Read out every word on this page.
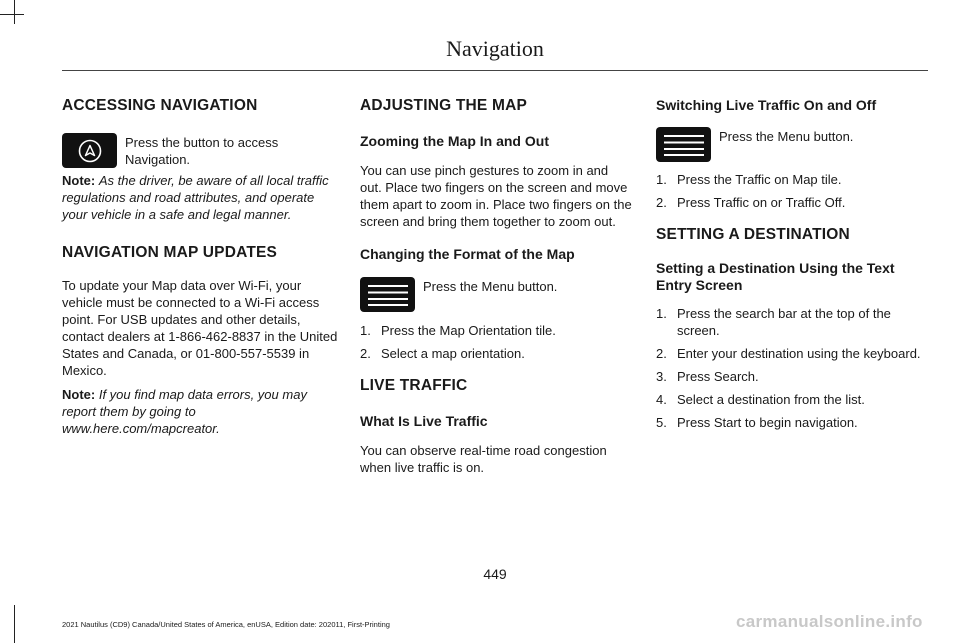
Navigation
ACCESSING NAVIGATION
Press the button to access Navigation.

Note: As the driver, be aware of all local traffic regulations and road attributes, and operate your vehicle in a safe and legal manner.

NAVIGATION MAP UPDATES

To update your Map data over Wi-Fi, your vehicle must be connected to a Wi-Fi access point. For USB updates and other details, contact dealers at 1-866-462-8837 in the United States and Canada, or 01-800-557-5539 in Mexico.

Note: If you find map data errors, you may report them by going to www.here.com/mapcreator.

ADJUSTING THE MAP
Zooming the Map In and Out

You can use pinch gestures to zoom in and out. Place two fingers on the screen and move them apart to zoom in. Place two fingers on the screen and bring them together to zoom out.

Changing the Format of the Map
Press the Menu button.
1. Press the Map Orientation tile.
2. Select a map orientation.
LIVE TRAFFIC
What Is Live Traffic

You can observe real-time road congestion when live traffic is on.

Switching Live Traffic On and Off
Press the Menu button.
1. Press the Traffic on Map tile.
2. Press Traffic on or Traffic Off.
SETTING A DESTINATION
Setting a Destination Using the Text Entry Screen
1. Press the search bar at the top of the screen.
2. Enter your destination using the keyboard.
3. Press Search.
4. Select a destination from the list.
5. Press Start to begin navigation.
449
2021 Nautilus (CD9) Canada/United States of America, enUSA, Edition date: 202011, First-Printing	carmanualsonline.info
